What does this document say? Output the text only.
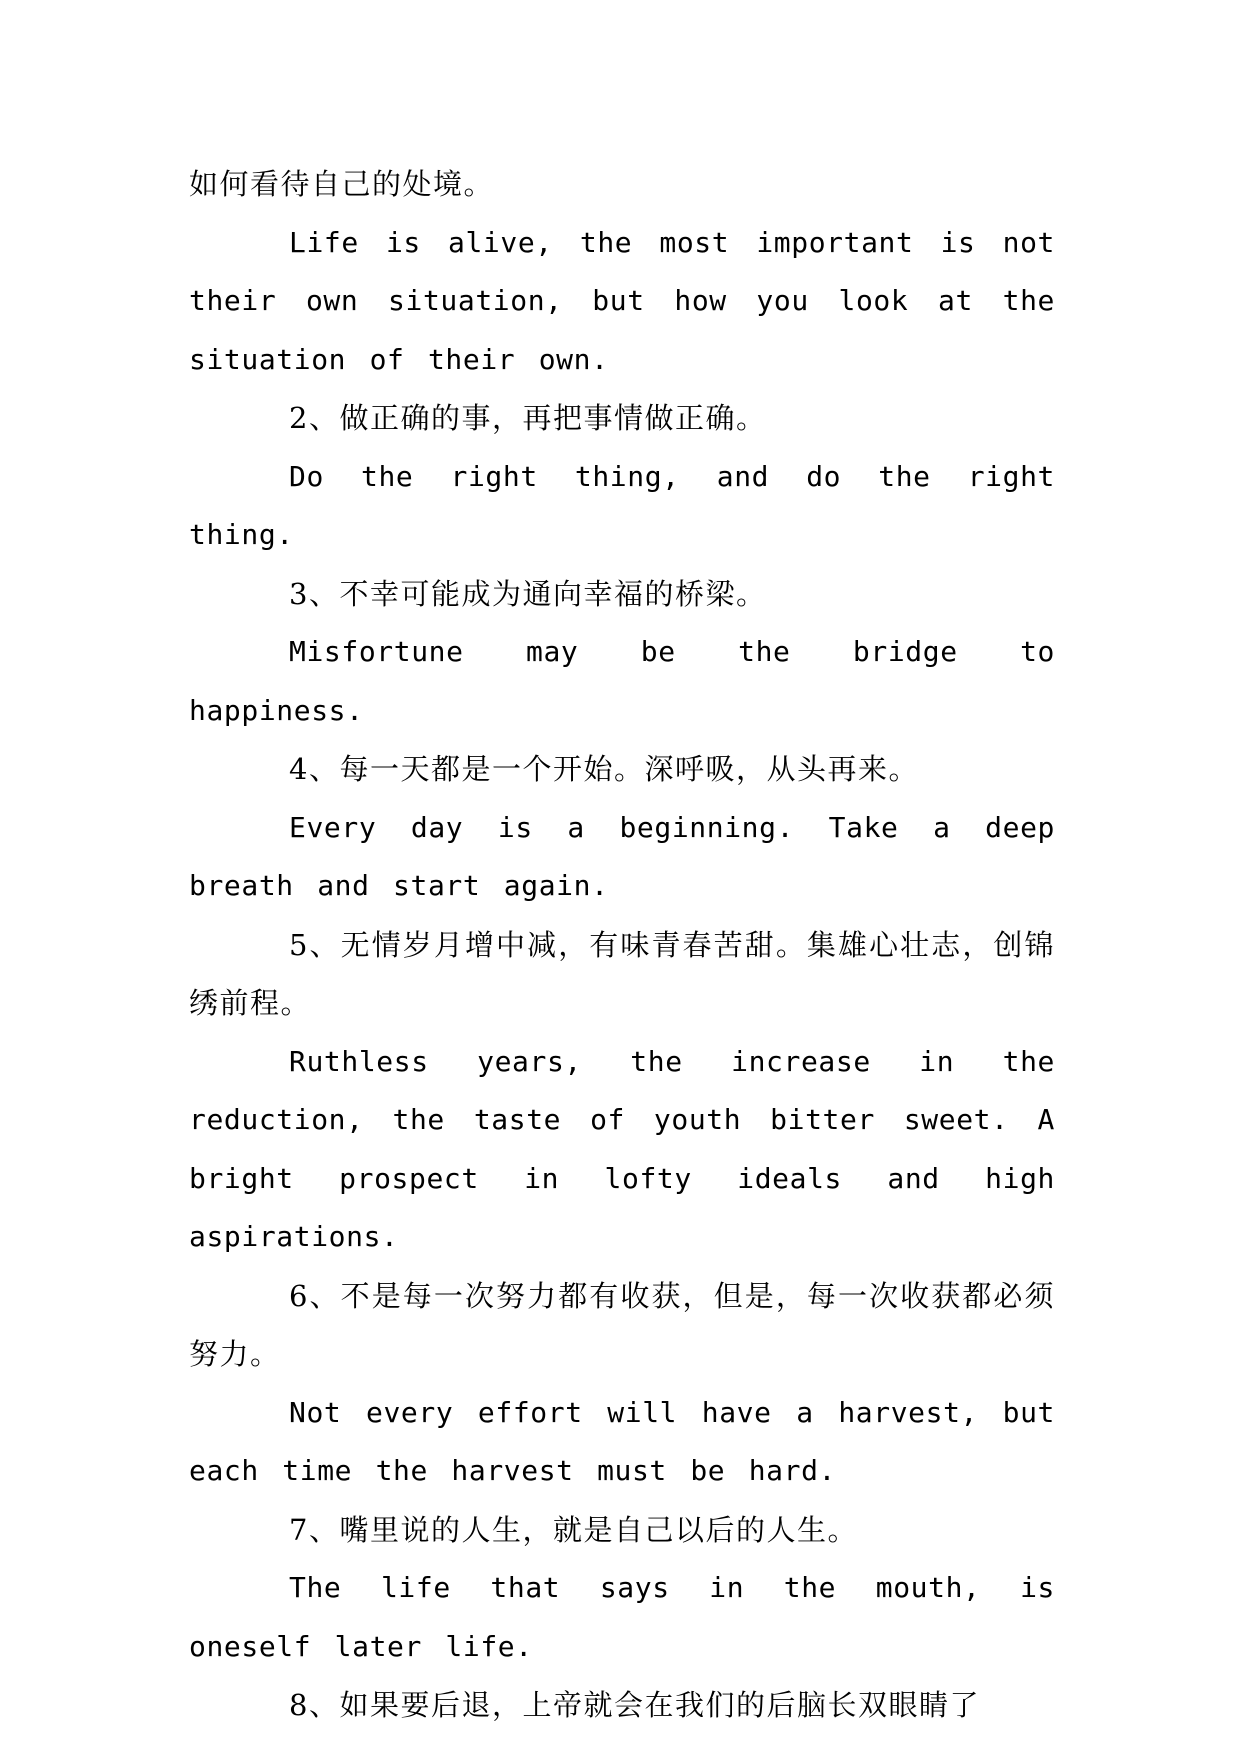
如何看待自己的处境。

Life is alive, the most important is not their own situation, but how you look at the situation of their own.

2、做正确的事，再把事情做正确。

Do the right thing, and do the right thing.

3、不幸可能成为通向幸福的桥梁。

Misfortune may be the bridge to happiness.

4、每一天都是一个开始。深呼吸，从头再来。

Every day is a beginning. Take a deep breath and start again.

5、无情岁月增中减，有味青春苦甜。集雄心壮志，创锦绣前程。

Ruthless years, the increase in the reduction, the taste of youth bitter sweet. A bright prospect in lofty ideals and high aspirations.

6、不是每一次努力都有收获，但是，每一次收获都必须努力。

Not every effort will have a harvest, but each time the harvest must be hard.

7、嘴里说的人生，就是自己以后的人生。

The life that says in the mouth, is oneself later life.

8、如果要后退，上帝就会在我们的后脑长双眼睛了
